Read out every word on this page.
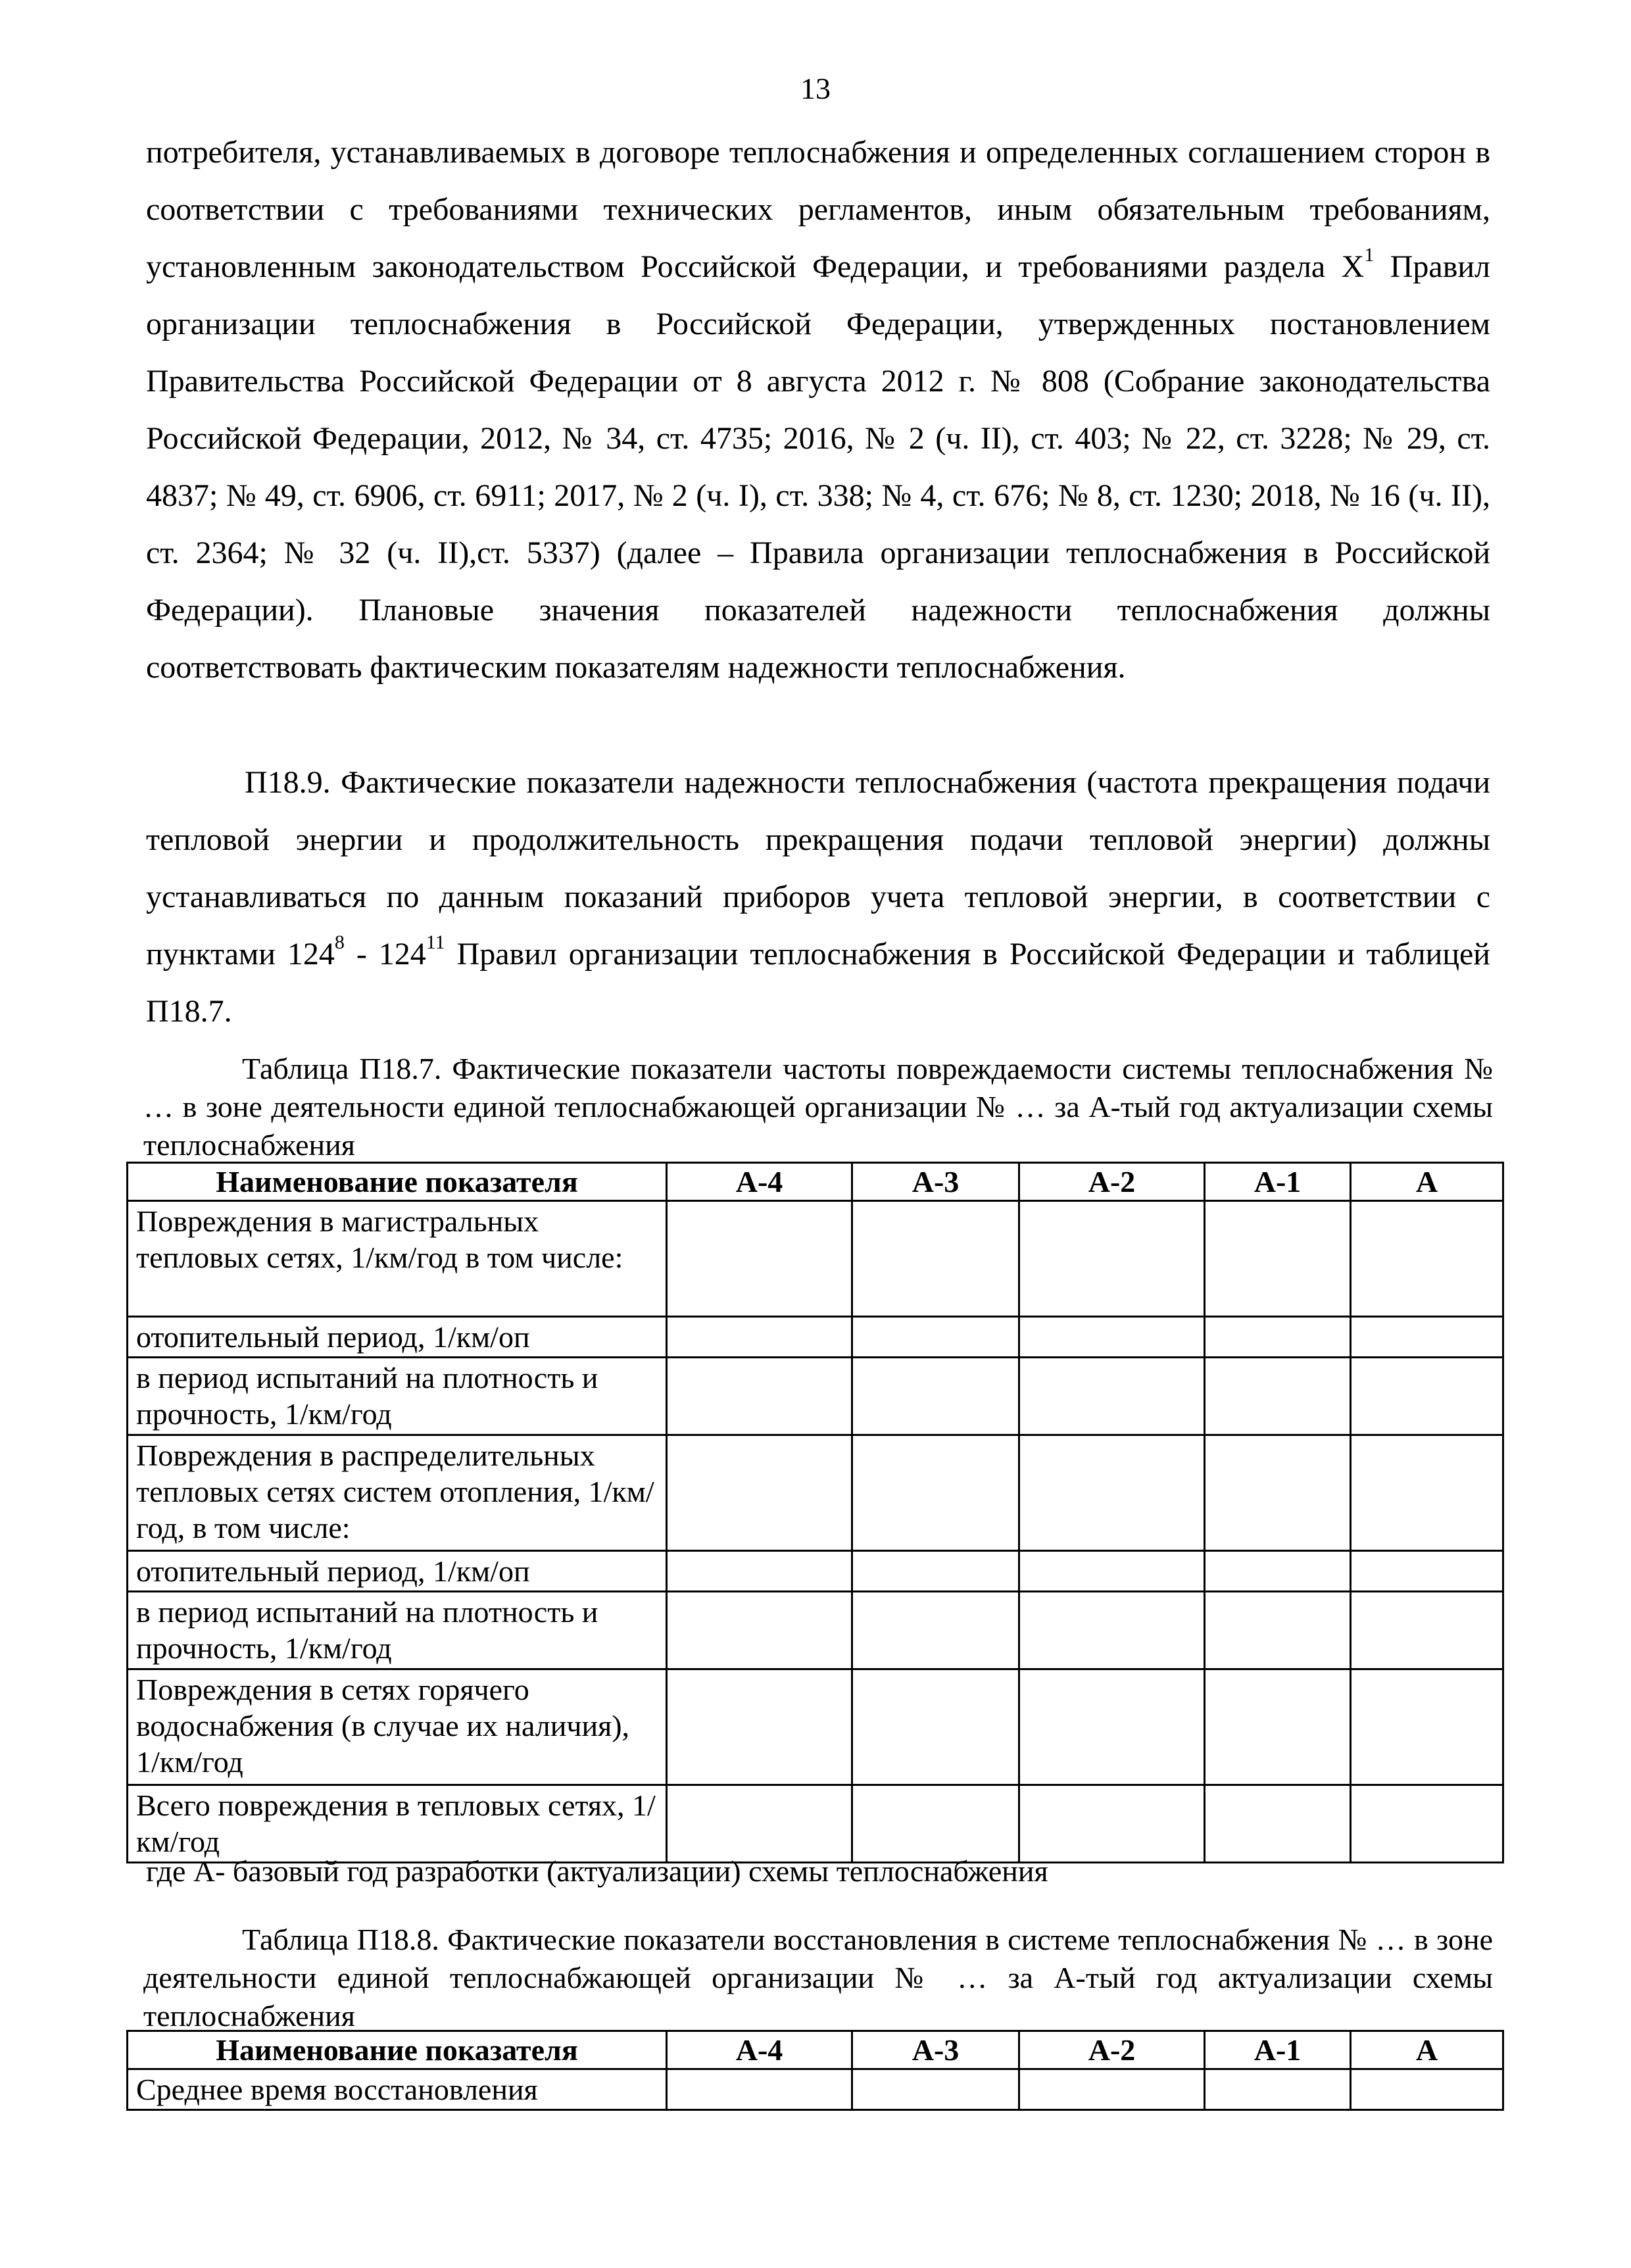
13

потребителя, устанавливаемых в договоре теплоснабжения и определенных соглашением сторон в соответствии с требованиями технических регламентов, иным обязательным требованиям, установленным законодательством Российской Федерации, и требованиями раздела $X^1$ Правил организации теплоснабжения в Российской Федерации, утвержденных постановлением Правительства Российской Федерации от 8 августа 2012 г. № 808 (Собрание законодательства Российской Федерации, 2012, № 34, ст. 4735; 2016, № 2 (ч. II), ст. 403; № 22, ст. 3228; № 29, ст. 4837; № 49, ст. 6906, ст. 6911; 2017, № 2 (ч. I), ст. 338; № 4, ст. 676; № 8, ст. 1230; 2018, № 16 (ч. II), ст. 2364; № 32 (ч. II),ст. 5337) (далее – Правила организации теплоснабжения в Российской Федерации). Плановые значения показателей надежности теплоснабжения должны соответствовать фактическим показателям надежности теплоснабжения.

П18.9. Фактические показатели надежности теплоснабжения (частота прекращения подачи тепловой энергии и продолжительность прекращения подачи тепловой энергии) должны устанавливаться по данным показаний приборов учета тепловой энергии, в соответствии с пунктами $124^8 - 124^{11}$ Правил организации теплоснабжения в Российской Федерации и таблицей П18.7.

Таблица П18.7. Фактические показатели частоты повреждаемости системы теплоснабжения № … в зоне деятельности единой теплоснабжающей организации № … за А-тый год актуализации схемы теплоснабжения

Наименование показателя	А-4	А-3	А-2	А-1	А
Повреждения в магистральных тепловых сетях, 1/км/год в том числе:					
отопительный период, 1/км/оп					
в период испытаний на плотность и прочность, 1/км/год					
Повреждения в распределительных тепловых сетях систем отопления, 1/км/год, в том числе:					
отопительный период, 1/км/оп					
в период испытаний на плотность и прочность, 1/км/год					
Повреждения в сетях горячего водоснабжения (в случае их наличия), 1/км/год					
Всего повреждения в тепловых сетях, 1/км/год					

где А- базовый год разработки (актуализации) схемы теплоснабжения

Таблица П18.8. Фактические показатели восстановления в системе теплоснабжения № … в зоне деятельности единой теплоснабжающей организации № … за А-тый год актуализации схемы теплоснабжения

Наименование показателя	А-4	А-3	А-2	А-1	А
Среднее время восстановления					
